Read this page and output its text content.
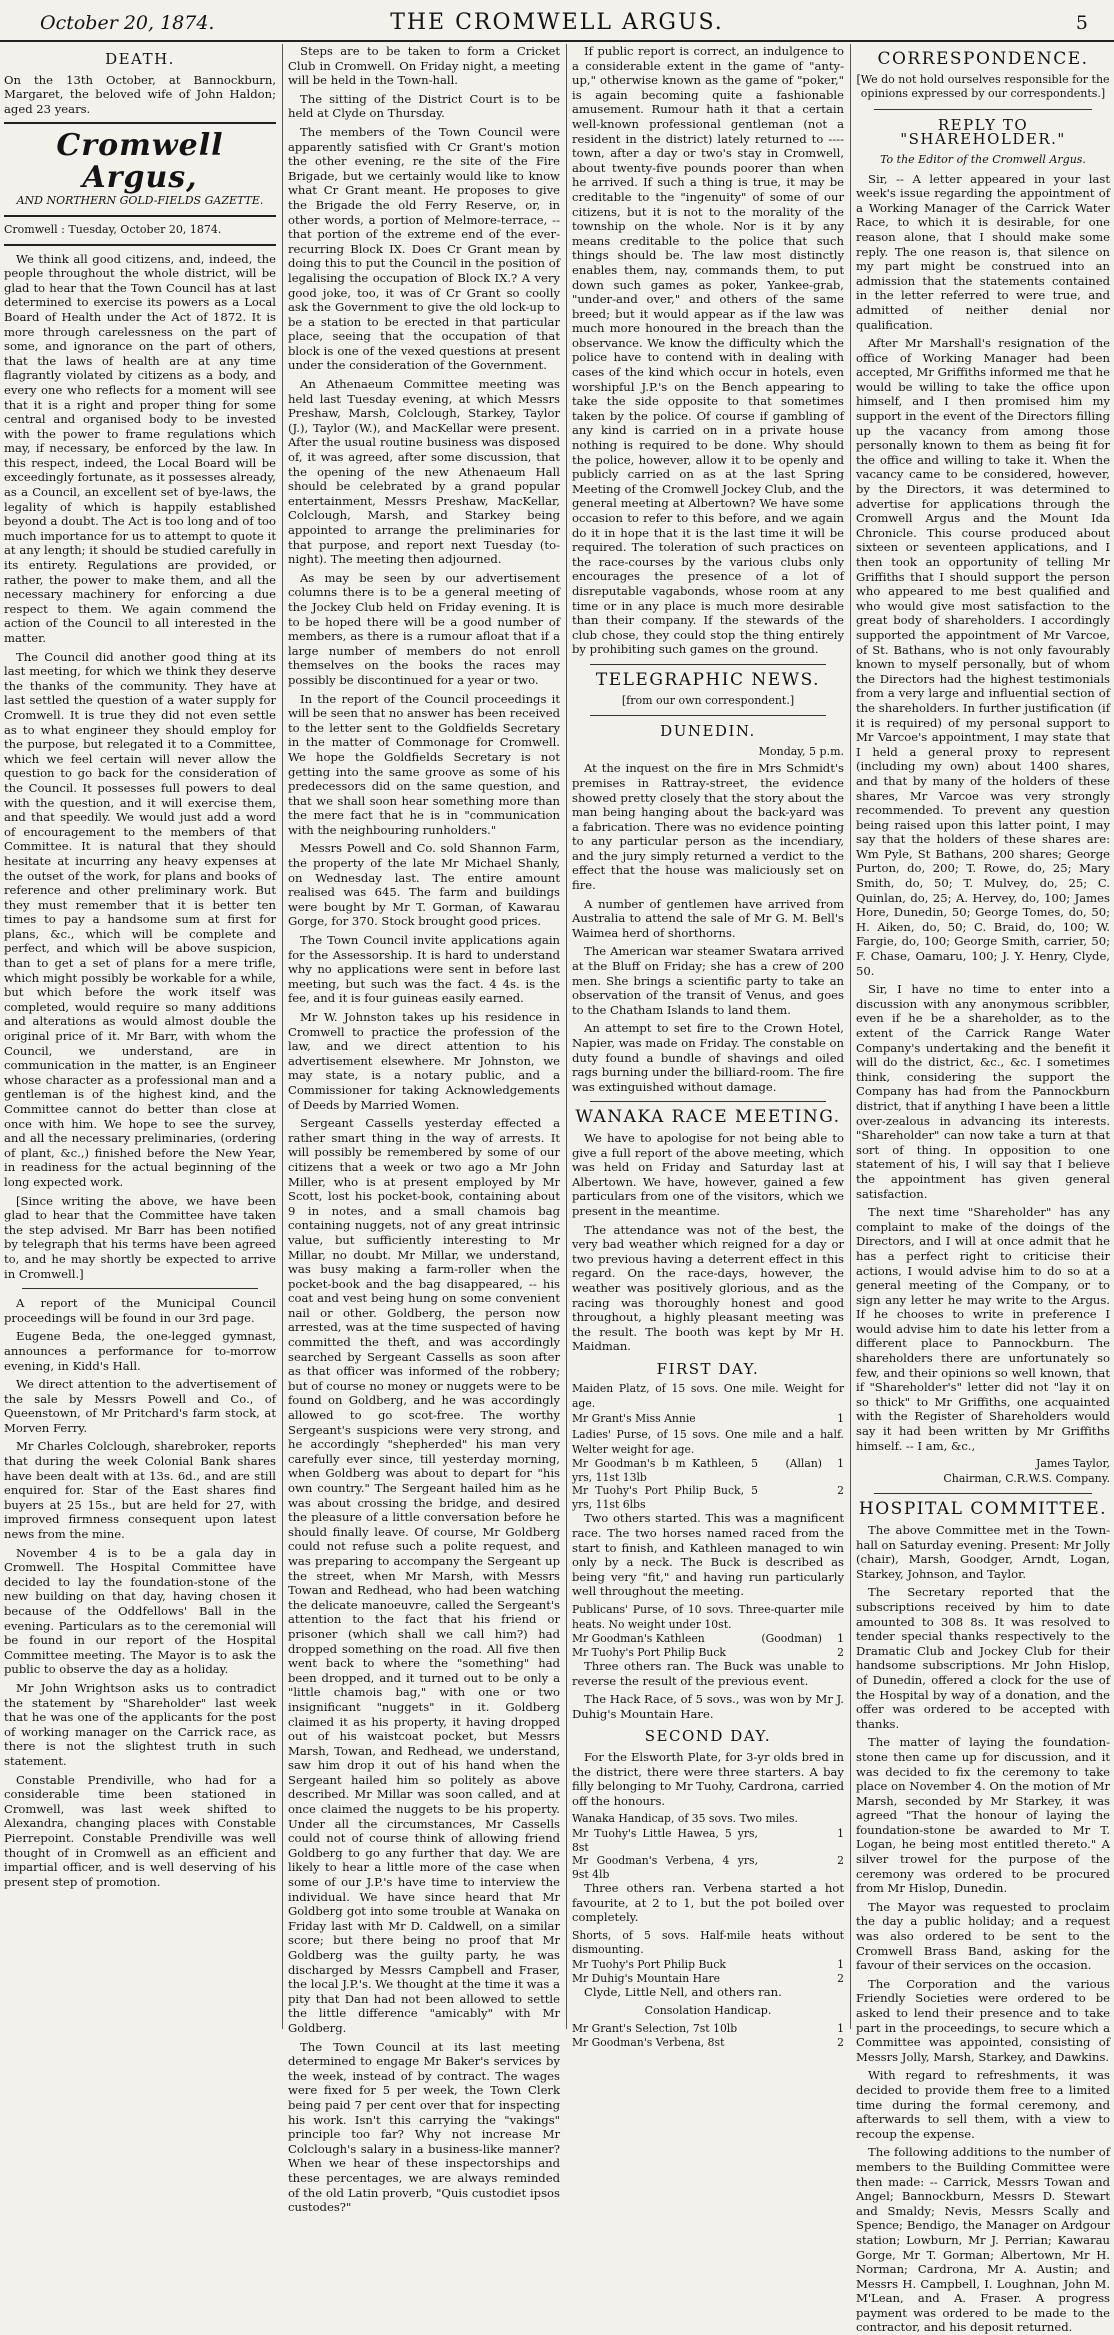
October 20, 1874.	THE CROMWELL ARGUS.	5
DEATH.

On the 13th October, at Bannockburn, Margaret, the beloved wife of John Haldon; aged 23 years.

Cromwell Argus,
AND NORTHERN GOLD-FIELDS GAZETTE.

Cromwell : Tuesday, October 20, 1874.

We think all good citizens, and, indeed, the people throughout the whole district, will be glad to hear that the Town Council has at last determined to exercise its powers as a Local Board of Health under the Act of 1872. It is more through carelessness on the part of some, and ignorance on the part of others, that the laws of health are at any time flagrantly violated by citizens as a body, and every one who reflects for a moment will see that it is a right and proper thing for some central and organised body to be invested with the power to frame regulations which may, if necessary, be enforced by the law. In this respect, indeed, the Local Board will be exceedingly fortunate, as it possesses already, as a Council, an excellent set of bye-laws, the legality of which is happily established beyond a doubt. The Act is too long and of too much importance for us to attempt to quote it at any length; it should be studied carefully in its entirety. Regulations are provided, or rather, the power to make them, and all the necessary machinery for enforcing a due respect to them. We again commend the action of the Council to all interested in the matter.

The Council did another good thing at its last meeting, for which we think they deserve the thanks of the community. They have at last settled the question of a water supply for Cromwell. It is true they did not even settle as to what engineer they should employ for the purpose, but relegated it to a Committee, which we feel certain will never allow the question to go back for the consideration of the Council. It possesses full powers to deal with the question, and it will exercise them, and that speedily. We would just add a word of encouragement to the members of that Committee. It is natural that they should hesitate at incurring any heavy expenses at the outset of the work, for plans and books of reference and other preliminary work. But they must remember that it is better ten times to pay a handsome sum at first for plans, &c., which will be complete and perfect, and which will be above suspicion, than to get a set of plans for a mere trifle, which might possibly be workable for a while, but which before the work itself was completed, would require so many additions and alterations as would almost double the original price of it. Mr Barr, with whom the Council, we understand, are in communication in the matter, is an Engineer whose character as a professional man and a gentleman is of the highest kind, and the Committee cannot do better than close at once with him. We hope to see the survey, and all the necessary preliminaries, (ordering of plant, &c.,) finished before the New Year, in readiness for the actual beginning of the long expected work.

[Since writing the above, we have been glad to hear that the Committee have taken the step advised. Mr Barr has been notified by telegraph that his terms have been agreed to, and he may shortly be expected to arrive in Cromwell.]

A report of the Municipal Council proceedings will be found in our 3rd page.

Eugene Beda, the one-legged gymnast, announces a performance for to-morrow evening, in Kidd's Hall.

We direct attention to the advertisement of the sale by Messrs Powell and Co., of Queenstown, of Mr Pritchard's farm stock, at Morven Ferry.

Mr Charles Colclough, sharebroker, reports that during the week Colonial Bank shares have been dealt with at 13s. 6d., and are still enquired for. Star of the East shares find buyers at 25 15s., but are held for 27, with improved firmness consequent upon latest news from the mine.

November 4 is to be a gala day in Cromwell. The Hospital Committee have decided to lay the foundation-stone of the new building on that day, having chosen it because of the Oddfellows' Ball in the evening. Particulars as to the ceremonial will be found in our report of the Hospital Committee meeting. The Mayor is to ask the public to observe the day as a holiday.

Mr John Wrightson asks us to contradict the statement by "Shareholder" last week that he was one of the applicants for the post of working manager on the Carrick race, as there is not the slightest truth in such statement.

Constable Prendiville, who had for a considerable time been stationed in Cromwell, was last week shifted to Alexandra, changing places with Constable Pierrepoint. Constable Prendiville was well thought of in Cromwell as an efficient and impartial officer, and is well deserving of his present step of promotion.

Steps are to be taken to form a Cricket Club in Cromwell. On Friday night, a meeting will be held in the Town-hall.

The sitting of the District Court is to be held at Clyde on Thursday.

The members of the Town Council were apparently satisfied with Cr Grant's motion the other evening, re the site of the Fire Brigade, but we certainly would like to know what Cr Grant meant. He proposes to give the Brigade the old Ferry Reserve, or, in other words, a portion of Melmore-terrace, -- that portion of the extreme end of the ever-recurring Block IX. Does Cr Grant mean by doing this to put the Council in the position of legalising the occupation of Block IX.? A very good joke, too, it was of Cr Grant so coolly ask the Government to give the old lock-up to be a station to be erected in that particular place, seeing that the occupation of that block is one of the vexed questions at present under the consideration of the Government.

An Athenaeum Committee meeting was held last Tuesday evening, at which Messrs Preshaw, Marsh, Colclough, Starkey, Taylor (J.), Taylor (W.), and MacKellar were present. After the usual routine business was disposed of, it was agreed, after some discussion, that the opening of the new Athenaeum Hall should be celebrated by a grand popular entertainment, Messrs Preshaw, MacKellar, Colclough, Marsh, and Starkey being appointed to arrange the preliminaries for that purpose, and report next Tuesday (to-night). The meeting then adjourned.

As may be seen by our advertisement columns there is to be a general meeting of the Jockey Club held on Friday evening. It is to be hoped there will be a good number of members, as there is a rumour afloat that if a large number of members do not enroll themselves on the books the races may possibly be discontinued for a year or two.

In the report of the Council proceedings it will be seen that no answer has been received to the letter sent to the Goldfields Secretary in the matter of Commonage for Cromwell. We hope the Goldfields Secretary is not getting into the same groove as some of his predecessors did on the same question, and that we shall soon hear something more than the mere fact that he is in "communication with the neighbouring runholders."

Messrs Powell and Co. sold Shannon Farm, the property of the late Mr Michael Shanly, on Wednesday last. The entire amount realised was 645. The farm and buildings were bought by Mr T. Gorman, of Kawarau Gorge, for 370. Stock brought good prices.

The Town Council invite applications again for the Assessorship. It is hard to understand why no applications were sent in before last meeting, but such was the fact. 4 4s. is the fee, and it is four guineas easily earned.

Mr W. Johnston takes up his residence in Cromwell to practice the profession of the law, and we direct attention to his advertisement elsewhere. Mr Johnston, we may state, is a notary public, and a Commissioner for taking Acknowledgements of Deeds by Married Women.

Sergeant Cassells yesterday effected a rather smart thing in the way of arrests. It will possibly be remembered by some of our citizens that a week or two ago a Mr John Miller, who is at present employed by Mr Scott, lost his pocket-book, containing about 9 in notes, and a small chamois bag containing nuggets, not of any great intrinsic value, but sufficiently interesting to Mr Millar, no doubt. Mr Millar, we understand, was busy making a farm-roller when the pocket-book and the bag disappeared, -- his coat and vest being hung on some convenient nail or other. Goldberg, the person now arrested, was at the time suspected of having committed the theft, and was accordingly searched by Sergeant Cassells as soon after as that officer was informed of the robbery; but of course no money or nuggets were to be found on Goldberg, and he was accordingly allowed to go scot-free. The worthy Sergeant's suspicions were very strong, and he accordingly "shepherded" his man very carefully ever since, till yesterday morning, when Goldberg was about to depart for "his own country." The Sergeant hailed him as he was about crossing the bridge, and desired the pleasure of a little conversation before he should finally leave. Of course, Mr Goldberg could not refuse such a polite request, and was preparing to accompany the Sergeant up the street, when Mr Marsh, with Messrs Towan and Redhead, who had been watching the delicate manoeuvre, called the Sergeant's attention to the fact that his friend or prisoner (which shall we call him?) had dropped something on the road. All five then went back to where the "something" had been dropped, and it turned out to be only a "little chamois bag," with one or two insignificant "nuggets" in it. Goldberg claimed it as his property, it having dropped out of his waistcoat pocket, but Messrs Marsh, Towan, and Redhead, we understand, saw him drop it out of his hand when the Sergeant hailed him so politely as above described. Mr Millar was soon called, and at once claimed the nuggets to be his property. Under all the circumstances, Mr Cassells could not of course think of allowing friend Goldberg to go any further that day. We are likely to hear a little more of the case when some of our J.P.'s have time to interview the individual. We have since heard that Mr Goldberg got into some trouble at Wanaka on Friday last with Mr D. Caldwell, on a similar score; but there being no proof that Mr Goldberg was the guilty party, he was discharged by Messrs Campbell and Fraser, the local J.P.'s. We thought at the time it was a pity that Dan had not been allowed to settle the little difference "amicably" with Mr Goldberg.

The Town Council at its last meeting determined to engage Mr Baker's services by the week, instead of by contract. The wages were fixed for 5 per week, the Town Clerk being paid 7 per cent over that for inspecting his work. Isn't this carrying the "vakings" principle too far? Why not increase Mr Colclough's salary in a business-like manner? When we hear of these inspectorships and these percentages, we are always reminded of the old Latin proverb, "Quis custodiet ipsos custodes?"

If public report is correct, an indulgence to a considerable extent in the game of "anty-up," otherwise known as the game of "poker," is again becoming quite a fashionable amusement. Rumour hath it that a certain well-known professional gentleman (not a resident in the district) lately returned to ---- town, after a day or two's stay in Cromwell, about twenty-five pounds poorer than when he arrived. If such a thing is true, it may be creditable to the "ingenuity" of some of our citizens, but it is not to the morality of the township on the whole. Nor is it by any means creditable to the police that such things should be. The law most distinctly enables them, nay, commands them, to put down such games as poker, Yankee-grab, "under-and over," and others of the same breed; but it would appear as if the law was much more honoured in the breach than the observance. We know the difficulty which the police have to contend with in dealing with cases of the kind which occur in hotels, even worshipful J.P.'s on the Bench appearing to take the side opposite to that sometimes taken by the police. Of course if gambling of any kind is carried on in a private house nothing is required to be done. Why should the police, however, allow it to be openly and publicly carried on as at the last Spring Meeting of the Cromwell Jockey Club, and the general meeting at Albertown? We have some occasion to refer to this before, and we again do it in hope that it is the last time it will be required. The toleration of such practices on the race-courses by the various clubs only encourages the presence of a lot of disreputable vagabonds, whose room at any time or in any place is much more desirable than their company. If the stewards of the club chose, they could stop the thing entirely by prohibiting such games on the ground.

TELEGRAPHIC NEWS.
[from our own correspondent.]
DUNEDIN.
Monday, 5 p.m.

At the inquest on the fire in Mrs Schmidt's premises in Rattray-street, the evidence showed pretty closely that the story about the man being hanging about the back-yard was a fabrication. There was no evidence pointing to any particular person as the incendiary, and the jury simply returned a verdict to the effect that the house was maliciously set on fire.

A number of gentlemen have arrived from Australia to attend the sale of Mr G. M. Bell's Waimea herd of shorthorns.

The American war steamer Swatara arrived at the Bluff on Friday; she has a crew of 200 men. She brings a scientific party to take an observation of the transit of Venus, and goes to the Chatham Islands to land them.

An attempt to set fire to the Crown Hotel, Napier, was made on Friday. The constable on duty found a bundle of shavings and oiled rags burning under the billiard-room. The fire was extinguished without damage.

WANAKA RACE MEETING.

We have to apologise for not being able to give a full report of the above meeting, which was held on Friday and Saturday last at Albertown. We have, however, gained a few particulars from one of the visitors, which we present in the meantime.

The attendance was not of the best, the very bad weather which reigned for a day or two previous having a deterrent effect in this regard. On the race-days, however, the weather was positively glorious, and as the racing was thoroughly honest and good throughout, a highly pleasant meeting was the result. The booth was kept by Mr H. Maidman.

FIRST DAY.

Maiden Platz, of 15 sovs. One mile. Weight for age.

Mr Grant's Miss Annie	1

Ladies' Purse, of 15 sovs. One mile and a half. Welter weight for age.

Mr Goodman's b m Kathleen, 5 yrs, 11st 13lb
(Allan)	1
Mr Tuohy's Port Philip Buck, 5 yrs, 11st 6lbs
2

Two others started. This was a magnificent race. The two horses named raced from the start to finish, and Kathleen managed to win only by a neck. The Buck is described as being very "fit," and having run particularly well throughout the meeting.

Publicans' Purse, of 10 sovs. Three-quarter mile heats. No weight under 10st.

Mr Goodman's Kathleen	(Goodman)	1
Mr Tuohy's Port Philip Buck	2

Three others ran. The Buck was unable to reverse the result of the previous event.

The Hack Race, of 5 sovs., was won by Mr J. Duhig's Mountain Hare.

SECOND DAY.

For the Elsworth Plate, for 3-yr olds bred in the district, there were three starters. A bay filly belonging to Mr Tuohy, Cardrona, carried off the honours.

Wanaka Handicap, of 35 sovs. Two miles.

Mr Tuohy's Little Hawea, 5 yrs, 8st
1
Mr Goodman's Verbena, 4 yrs, 9st 4lb
2

Three others ran. Verbena started a hot favourite, at 2 to 1, but the pot boiled over completely.

Shorts, of 5 sovs. Half-mile heats without dismounting.

Mr Tuohy's Port Philip Buck	1
Mr Duhig's Mountain Hare	2

Clyde, Little Nell, and others ran.

Consolation Handicap.
Mr Grant's Selection, 7st 10lb	1
Mr Goodman's Verbena, 8st	2
CORRESPONDENCE.
[We do not hold ourselves responsible for the opinions expressed by our correspondents.]
REPLY TO "SHAREHOLDER."
To the Editor of the Cromwell Argus.

Sir, -- A letter appeared in your last week's issue regarding the appointment of a Working Manager of the Carrick Water Race, to which it is desirable, for one reason alone, that I should make some reply. The one reason is, that silence on my part might be construed into an admission that the statements contained in the letter referred to were true, and admitted of neither denial nor qualification.

After Mr Marshall's resignation of the office of Working Manager had been accepted, Mr Griffiths informed me that he would be willing to take the office upon himself, and I then promised him my support in the event of the Directors filling up the vacancy from among those personally known to them as being fit for the office and willing to take it. When the vacancy came to be considered, however, by the Directors, it was determined to advertise for applications through the Cromwell Argus and the Mount Ida Chronicle. This course produced about sixteen or seventeen applications, and I then took an opportunity of telling Mr Griffiths that I should support the person who appeared to me best qualified and who would give most satisfaction to the great body of shareholders. I accordingly supported the appointment of Mr Varcoe, of St. Bathans, who is not only favourably known to myself personally, but of whom the Directors had the highest testimonials from a very large and influential section of the shareholders. In further justification (if it is required) of my personal support to Mr Varcoe's appointment, I may state that I held a general proxy to represent (including my own) about 1400 shares, and that by many of the holders of these shares, Mr Varcoe was very strongly recommended. To prevent any question being raised upon this latter point, I may say that the holders of these shares are: Wm Pyle, St Bathans, 200 shares; George Purton, do, 200; T. Rowe, do, 25; Mary Smith, do, 50; T. Mulvey, do, 25; C. Quinlan, do, 25; A. Hervey, do, 100; James Hore, Dunedin, 50; George Tomes, do, 50; H. Aiken, do, 50; C. Braid, do, 100; W. Fargie, do, 100; George Smith, carrier, 50; F. Chase, Oamaru, 100; J. Y. Henry, Clyde, 50.

Sir, I have no time to enter into a discussion with any anonymous scribbler, even if he be a shareholder, as to the extent of the Carrick Range Water Company's undertaking and the benefit it will do the district, &c., &c. I sometimes think, considering the support the Company has had from the Pannockburn district, that if anything I have been a little over-zealous in advancing its interests. "Shareholder" can now take a turn at that sort of thing. In opposition to one statement of his, I will say that I believe the appointment has given general satisfaction.

The next time "Shareholder" has any complaint to make of the doings of the Directors, and I will at once admit that he has a perfect right to criticise their actions, I would advise him to do so at a general meeting of the Company, or to sign any letter he may write to the Argus. If he chooses to write in preference I would advise him to date his letter from a different place to Pannockburn. The shareholders there are unfortunately so few, and their opinions so well known, that if "Shareholder's" letter did not "lay it on so thick" to Mr Griffiths, one acquainted with the Register of Shareholders would say it had been written by Mr Griffiths himself. -- I am, &c.,

James Taylor,

Chairman, C.R.W.S. Company.

HOSPITAL COMMITTEE.

The above Committee met in the Town-hall on Saturday evening. Present: Mr Jolly (chair), Marsh, Goodger, Arndt, Logan, Starkey, Johnson, and Taylor.

The Secretary reported that the subscriptions received by him to date amounted to 308 8s. It was resolved to tender special thanks respectively to the Dramatic Club and Jockey Club for their handsome subscriptions. Mr John Hislop, of Dunedin, offered a clock for the use of the Hospital by way of a donation, and the offer was ordered to be accepted with thanks.

The matter of laying the foundation-stone then came up for discussion, and it was decided to fix the ceremony to take place on November 4. On the motion of Mr Marsh, seconded by Mr Starkey, it was agreed "That the honour of laying the foundation-stone be awarded to Mr T. Logan, he being most entitled thereto." A silver trowel for the purpose of the ceremony was ordered to be procured from Mr Hislop, Dunedin.

The Mayor was requested to proclaim the day a public holiday; and a request was also ordered to be sent to the Cromwell Brass Band, asking for the favour of their services on the occasion.

The Corporation and the various Friendly Societies were ordered to be asked to lend their presence and to take part in the proceedings, to secure which a Committee was appointed, consisting of Messrs Jolly, Marsh, Starkey, and Dawkins.

With regard to refreshments, it was decided to provide them free to a limited time during the formal ceremony, and afterwards to sell them, with a view to recoup the expense.

The following additions to the number of members to the Building Committee were then made: -- Carrick, Messrs Towan and Angel; Bannockburn, Messrs D. Stewart and Smaldy; Nevis, Messrs Scally and Spence; Bendigo, the Manager on Ardgour station; Lowburn, Mr J. Perrian; Kawarau Gorge, Mr T. Gorman; Albertown, Mr H. Norman; Cardrona, Mr A. Austin; and Messrs H. Campbell, I. Loughnan, John M. M'Lean, and A. Fraser. A progress payment was ordered to be made to the contractor, and his deposit returned.
